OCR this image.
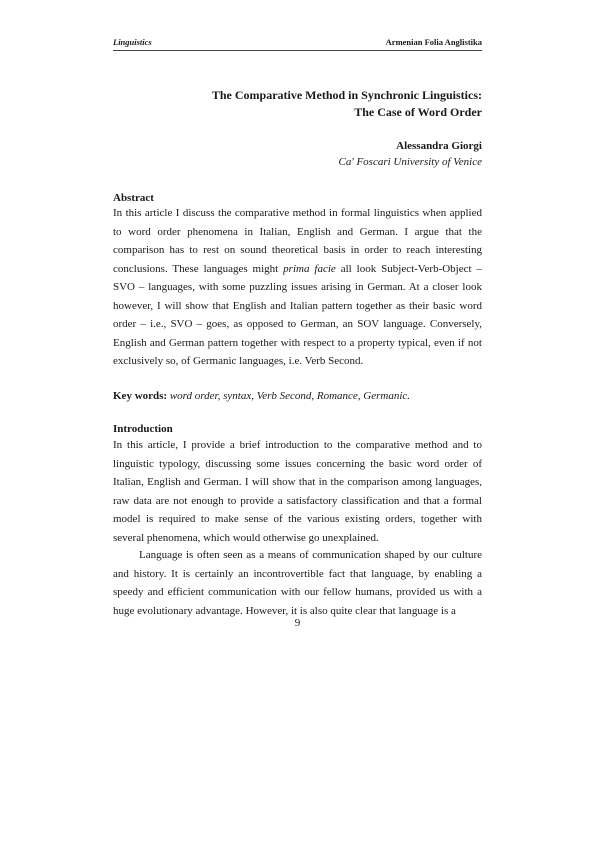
Linguistics	Armenian Folia Anglistika
The Comparative Method in Synchronic Linguistics:
The Case of Word Order
Alessandra Giorgi
Ca' Foscari University of Venice
Abstract
In this article I discuss the comparative method in formal linguistics when applied to word order phenomena in Italian, English and German. I argue that the comparison has to rest on sound theoretical basis in order to reach interesting conclusions. These languages might prima facie all look Subject-Verb-Object – SVO – languages, with some puzzling issues arising in German. At a closer look however, I will show that English and Italian pattern together as their basic word order – i.e., SVO – goes, as opposed to German, an SOV language. Conversely, English and German pattern together with respect to a property typical, even if not exclusively so, of Germanic languages, i.e. Verb Second.
Key words: word order, syntax, Verb Second, Romance, Germanic.
Introduction
In this article, I provide a brief introduction to the comparative method and to linguistic typology, discussing some issues concerning the basic word order of Italian, English and German. I will show that in the comparison among languages, raw data are not enough to provide a satisfactory classification and that a formal model is required to make sense of the various existing orders, together with several phenomena, which would otherwise go unexplained.
Language is often seen as a means of communication shaped by our culture and history. It is certainly an incontrovertible fact that language, by enabling a speedy and efficient communication with our fellow humans, provided us with a huge evolutionary advantage. However, it is also quite clear that language is a
9
